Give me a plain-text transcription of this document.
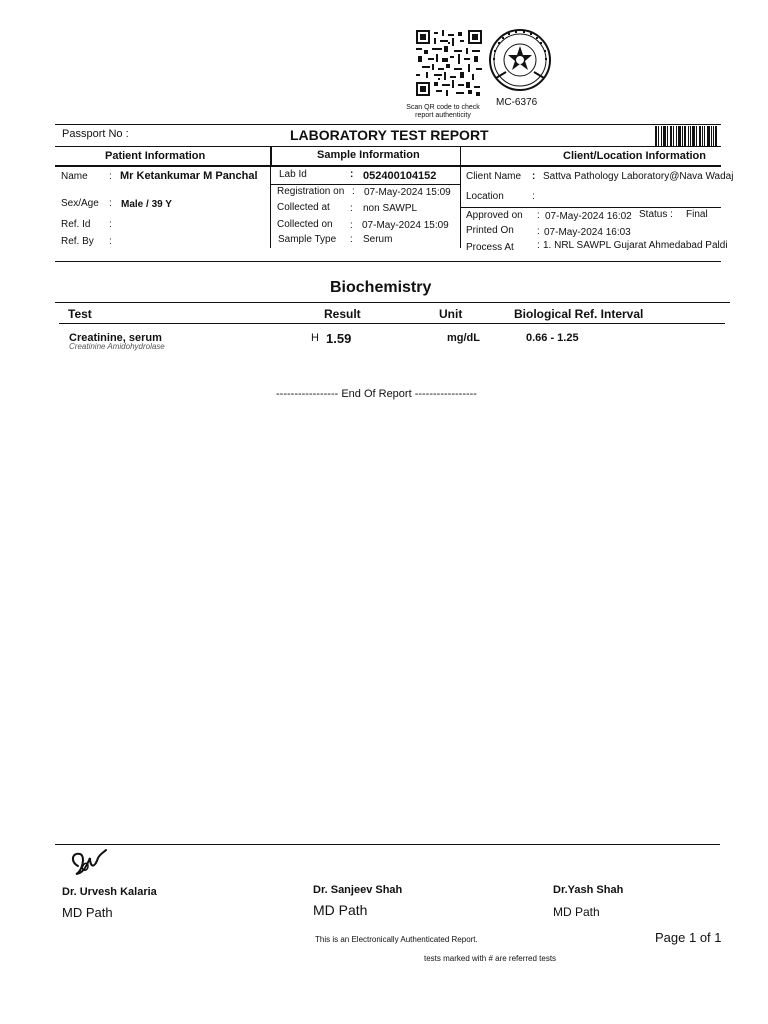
Scan QR code to check
report authenticity
MC-6376
Passport No :	LABORATORY TEST REPORT
Patient Information	Sample Information	Client/Location Information
Name : Mr Ketankumar M Panchal
Sex/Age : Male / 39 Y
Ref. Id :
Ref. By :
Lab Id	: 052400104152
Registration on : 07-May-2024 15:09
Collected at : non SAWPL
Collected on : 07-May-2024 15:09
Sample Type : Serum
Client Name : Sattva Pathology Laboratory@Nava Wadaj
Location	:
Approved on : 07-May-2024 16:02 Status : Final
Printed On : 07-May-2024 16:03
Process At : 1. NRL SAWPL Gujarat Ahmedabad Paldi
Biochemistry
Test	Result	Unit	Biological Ref. Interval
Creatinine, serum
Creatinine Amidohydrolase
H 1.59	mg/dL	0.66 - 1.25
----------------- End Of Report -----------------
Dr. Urvesh Kalaria
MD Path
Dr. Sanjeev Shah
MD Path
Dr.Yash Shah
MD Path
This is an Electronically Authenticated Report.	Page 1 of 1
tests marked with # are referred tests
